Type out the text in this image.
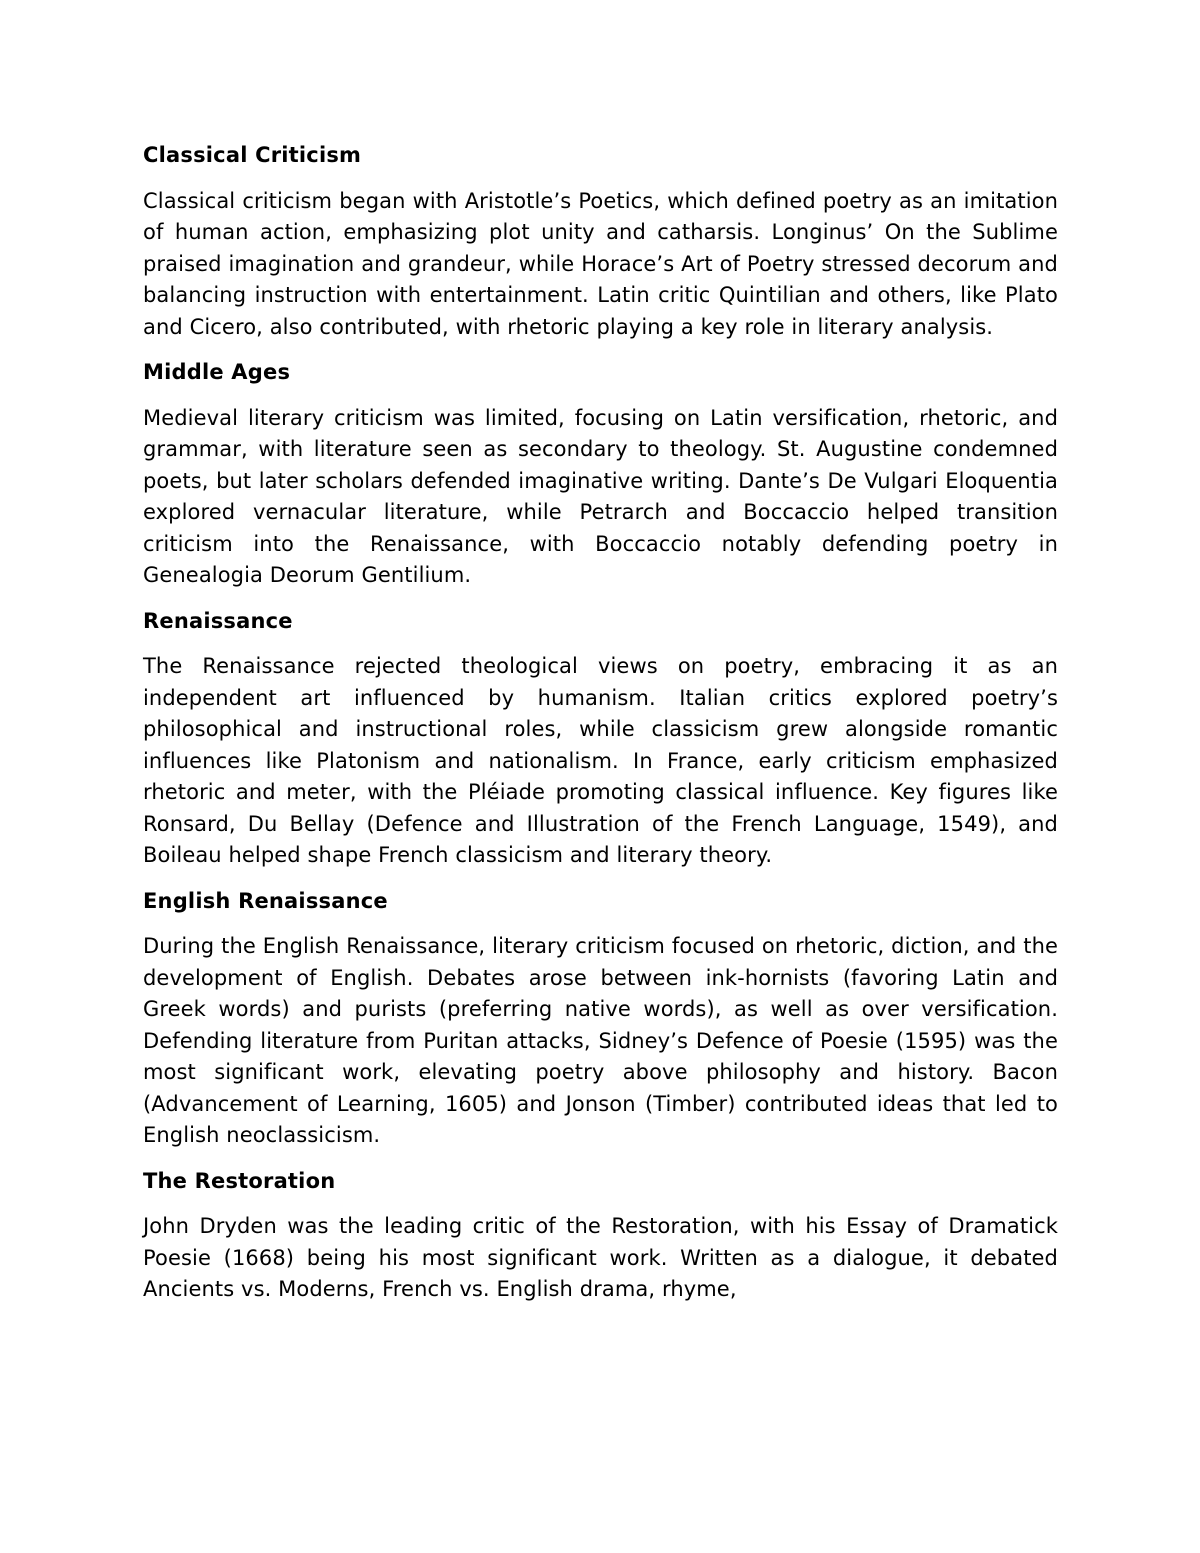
Classical Criticism
Classical criticism began with Aristotle’s Poetics, which defined poetry as an imitation of human action, emphasizing plot unity and catharsis. Longinus’ On the Sublime praised imagination and grandeur, while Horace’s Art of Poetry stressed decorum and balancing instruction with entertainment. Latin critic Quintilian and others, like Plato and Cicero, also contributed, with rhetoric playing a key role in literary analysis.
Middle Ages
Medieval literary criticism was limited, focusing on Latin versification, rhetoric, and grammar, with literature seen as secondary to theology. St. Augustine condemned poets, but later scholars defended imaginative writing. Dante’s De Vulgari Eloquentia explored vernacular literature, while Petrarch and Boccaccio helped transition criticism into the Renaissance, with Boccaccio notably defending poetry in Genealogia Deorum Gentilium.
Renaissance
The Renaissance rejected theological views on poetry, embracing it as an independent art influenced by humanism. Italian critics explored poetry’s philosophical and instructional roles, while classicism grew alongside romantic influences like Platonism and nationalism. In France, early criticism emphasized rhetoric and meter, with the Pléiade promoting classical influence. Key figures like Ronsard, Du Bellay (Defence and Illustration of the French Language, 1549), and Boileau helped shape French classicism and literary theory.
English Renaissance
During the English Renaissance, literary criticism focused on rhetoric, diction, and the development of English. Debates arose between ink-hornists (favoring Latin and Greek words) and purists (preferring native words), as well as over versification. Defending literature from Puritan attacks, Sidney’s Defence of Poesie (1595) was the most significant work, elevating poetry above philosophy and history. Bacon (Advancement of Learning, 1605) and Jonson (Timber) contributed ideas that led to English neoclassicism.
The Restoration
John Dryden was the leading critic of the Restoration, with his Essay of Dramatick Poesie (1668) being his most significant work. Written as a dialogue, it debated Ancients vs. Moderns, French vs. English drama, rhyme,
